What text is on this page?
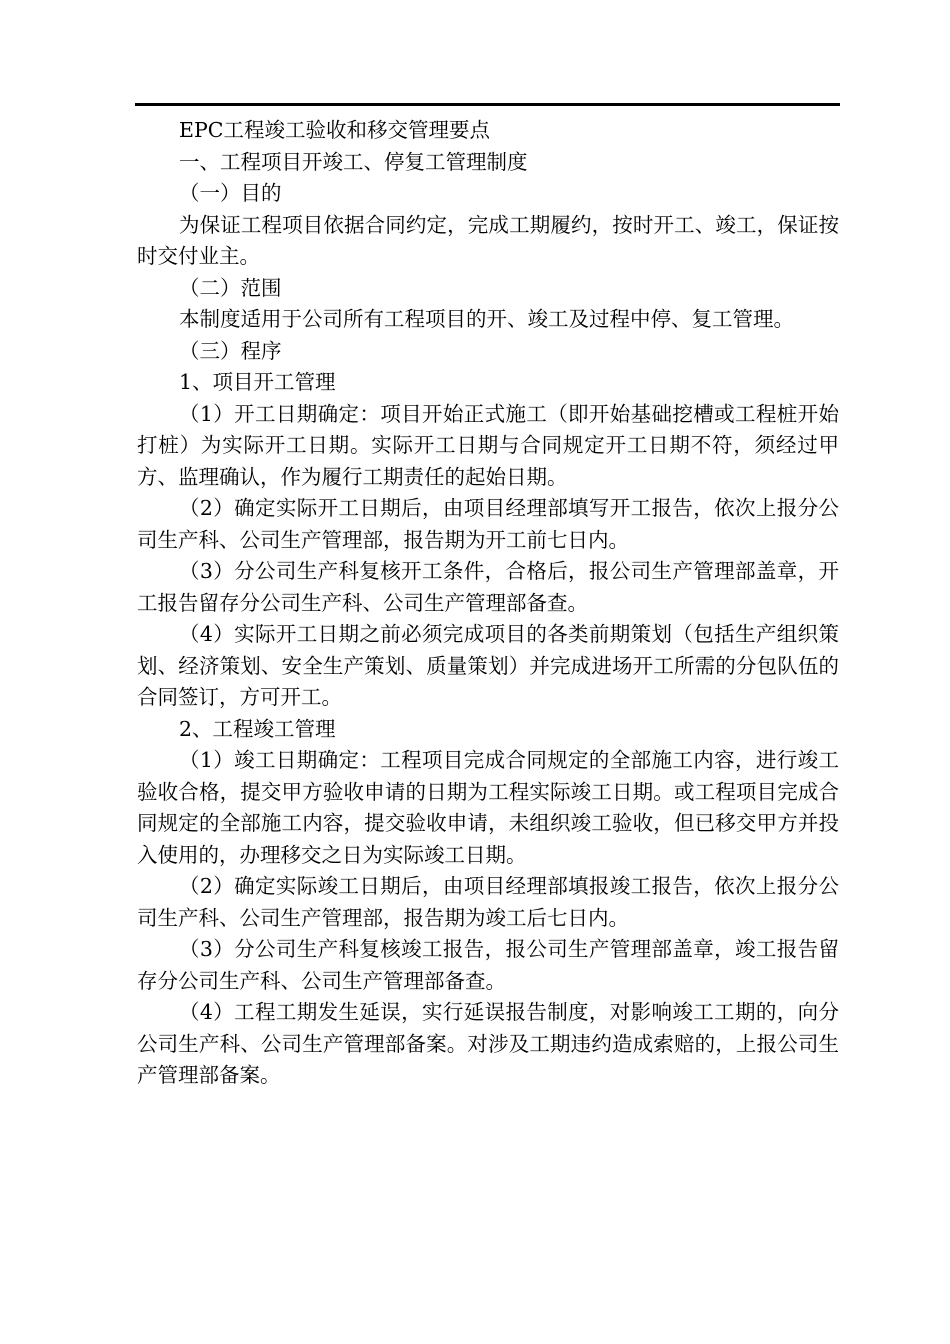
EPC工程竣工验收和移交管理要点

一、工程项目开竣工、停复工管理制度

（一）目的

为保证工程项目依据合同约定，完成工期履约，按时开工、竣工，保证按时交付业主。

（二）范围

本制度适用于公司所有工程项目的开、竣工及过程中停、复工管理。

（三）程序

1、项目开工管理

（1）开工日期确定：项目开始正式施工（即开始基础挖槽或工程桩开始打桩）为实际开工日期。实际开工日期与合同规定开工日期不符，须经过甲方、监理确认，作为履行工期责任的起始日期。

（2）确定实际开工日期后，由项目经理部填写开工报告，依次上报分公司生产科、公司生产管理部，报告期为开工前七日内。

（3）分公司生产科复核开工条件，合格后，报公司生产管理部盖章，开工报告留存分公司生产科、公司生产管理部备查。

（4）实际开工日期之前必须完成项目的各类前期策划（包括生产组织策划、经济策划、安全生产策划、质量策划）并完成进场开工所需的分包队伍的合同签订，方可开工。

2、工程竣工管理

（1）竣工日期确定：工程项目完成合同规定的全部施工内容，进行竣工验收合格，提交甲方验收申请的日期为工程实际竣工日期。或工程项目完成合同规定的全部施工内容，提交验收申请，未组织竣工验收，但已移交甲方并投入使用的，办理移交之日为实际竣工日期。

（2）确定实际竣工日期后，由项目经理部填报竣工报告，依次上报分公司生产科、公司生产管理部，报告期为竣工后七日内。

（3）分公司生产科复核竣工报告，报公司生产管理部盖章，竣工报告留存分公司生产科、公司生产管理部备查。

（4）工程工期发生延误，实行延误报告制度，对影响竣工工期的，向分公司生产科、公司生产管理部备案。对涉及工期违约造成索赔的，上报公司生产管理部备案。
